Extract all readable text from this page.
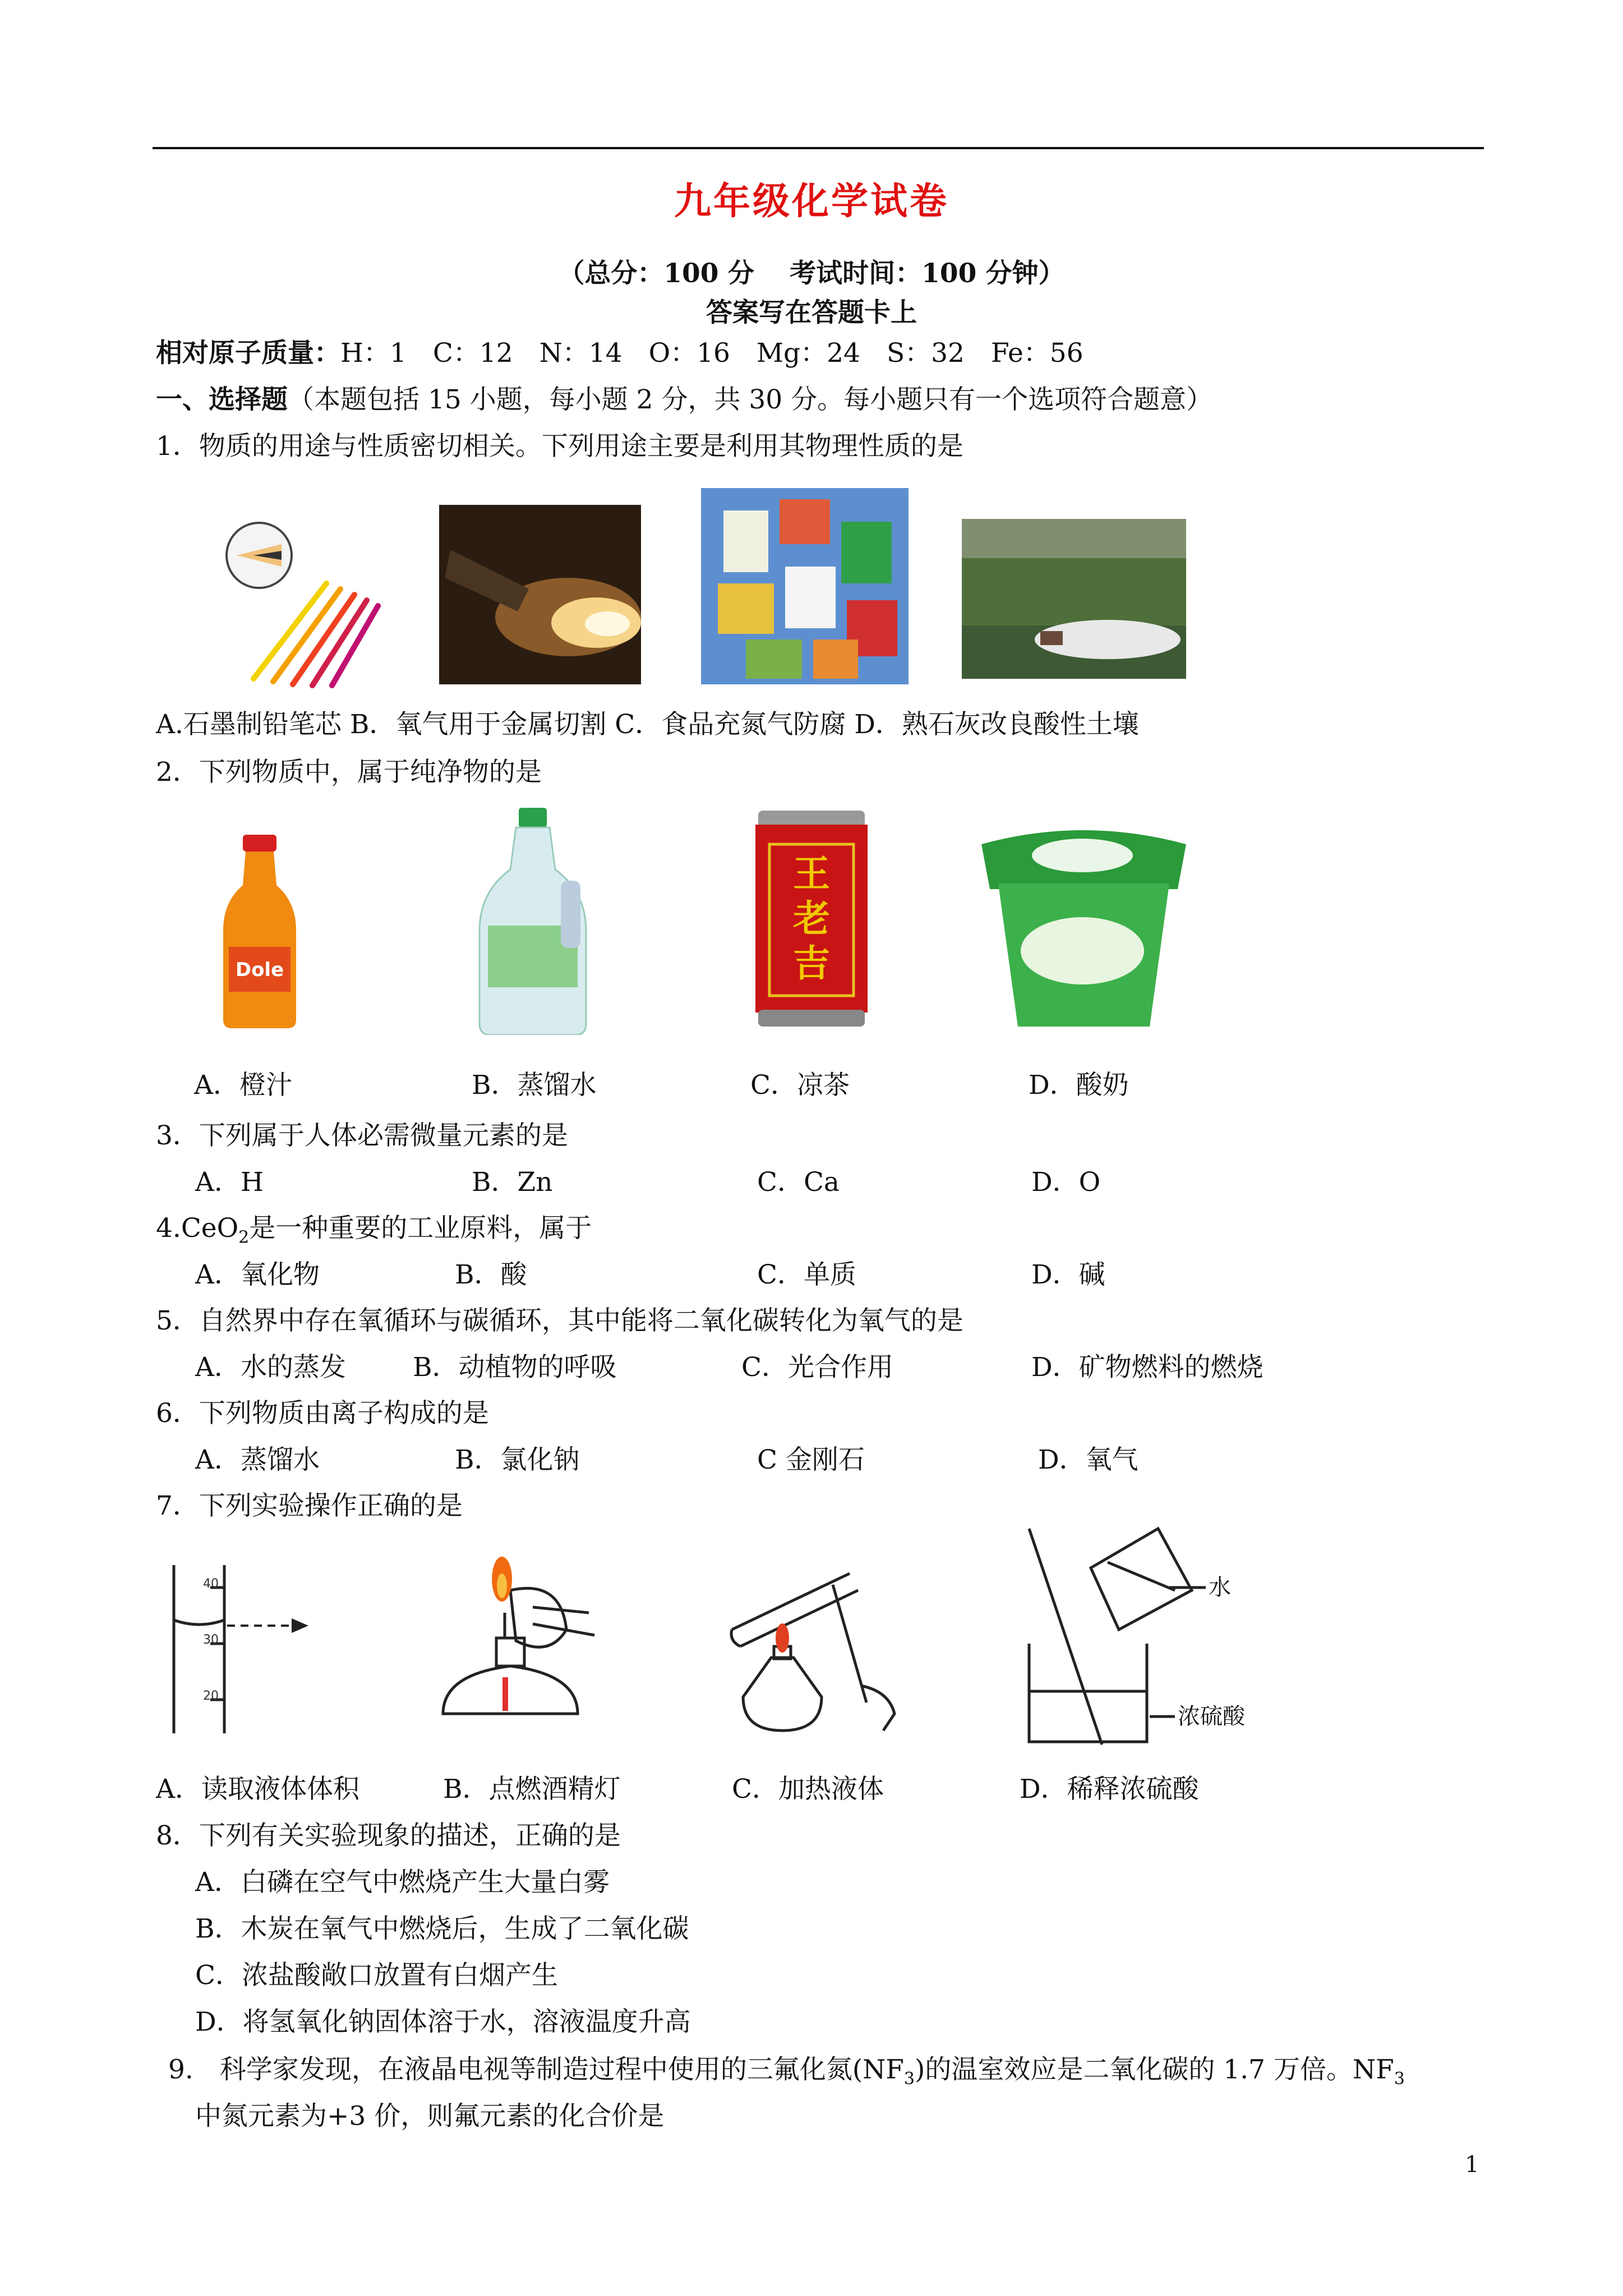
九年级化学试卷
（总分：100 分　 考试时间：100 分钟）
答案写在答题卡上
相对原子质量：H：1　C：12　N：14　O：16　Mg：24　S：32　Fe：56
一、选择题（本题包括 15 小题，每小题 2 分，共 30 分。每小题只有一个选项符合题意）
1．物质的用途与性质密切相关。下列用途主要是利用其物理性质的是
A.石墨制铅笔芯 B．氧气用于金属切割 C．食品充氮气防腐 D．熟石灰改良酸性土壤
2．下列物质中，属于纯净物的是
Dole
王
老
吉
A．橙汁	B．蒸馏水	C．凉茶	D．酸奶
3．下列属于人体必需微量元素的是
A．H	B．Zn	C．Ca	D．O
4.CeO$_2$是一种重要的工业原料，属于
A．氧化物	B．酸	C．单质	D．碱
5．自然界中存在氧循环与碳循环，其中能将二氧化碳转化为氧气的是
A．水的蒸发	B．动植物的呼吸	C．光合作用	D．矿物燃料的燃烧
6．下列物质由离子构成的是
A．蒸馏水	B．氯化钠	C 金刚石	D．氧气
7．下列实验操作正确的是
40
30
20
水
浓硫酸
A．读取液体体积	B．点燃酒精灯	C．加热液体	D．稀释浓硫酸
8．下列有关实验现象的描述，正确的是
A．白磷在空气中燃烧产生大量白雾
B．木炭在氧气中燃烧后，生成了二氧化碳
C．浓盐酸敞口放置有白烟产生
D．将氢氧化钠固体溶于水，溶液温度升高
9.　科学家发现，在液晶电视等制造过程中使用的三氟化氮$(NF_3)$的温室效应是二氧化碳的 1.7 万倍。$NF_3$
中氮元素为+3 价，则氟元素的化合价是
1
